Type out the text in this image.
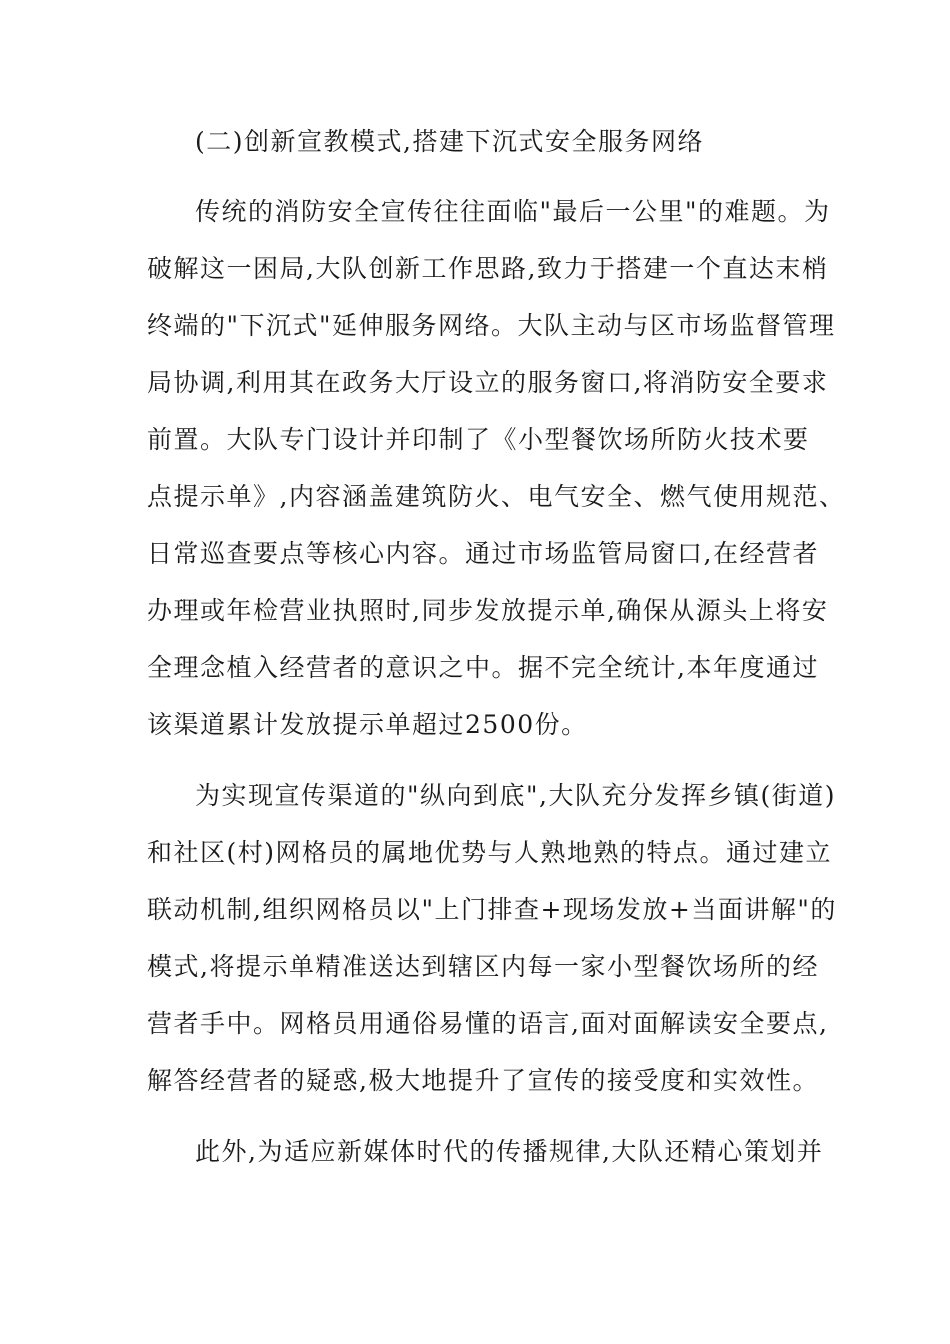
(二)创新宣教模式,搭建下沉式安全服务网络
传统的消防安全宣传往往面临"最后一公里"的难题。为
破解这一困局,大队创新工作思路,致力于搭建一个直达末梢
终端的"下沉式"延伸服务网络。大队主动与区市场监督管理
局协调,利用其在政务大厅设立的服务窗口,将消防安全要求
前置。大队专门设计并印制了《小型餐饮场所防火技术要
点提示单》,内容涵盖建筑防火、电气安全、燃气使用规范、
日常巡查要点等核心内容。通过市场监管局窗口,在经营者
办理或年检营业执照时,同步发放提示单,确保从源头上将安
全理念植入经营者的意识之中。据不完全统计,本年度通过
该渠道累计发放提示单超过2500份。
为实现宣传渠道的"纵向到底",大队充分发挥乡镇(街道)
和社区(村)网格员的属地优势与人熟地熟的特点。通过建立
联动机制,组织网格员以"上门排查+现场发放+当面讲解"的
模式,将提示单精准送达到辖区内每一家小型餐饮场所的经
营者手中。网格员用通俗易懂的语言,面对面解读安全要点,
解答经营者的疑惑,极大地提升了宣传的接受度和实效性。
此外,为适应新媒体时代的传播规律,大队还精心策划并
